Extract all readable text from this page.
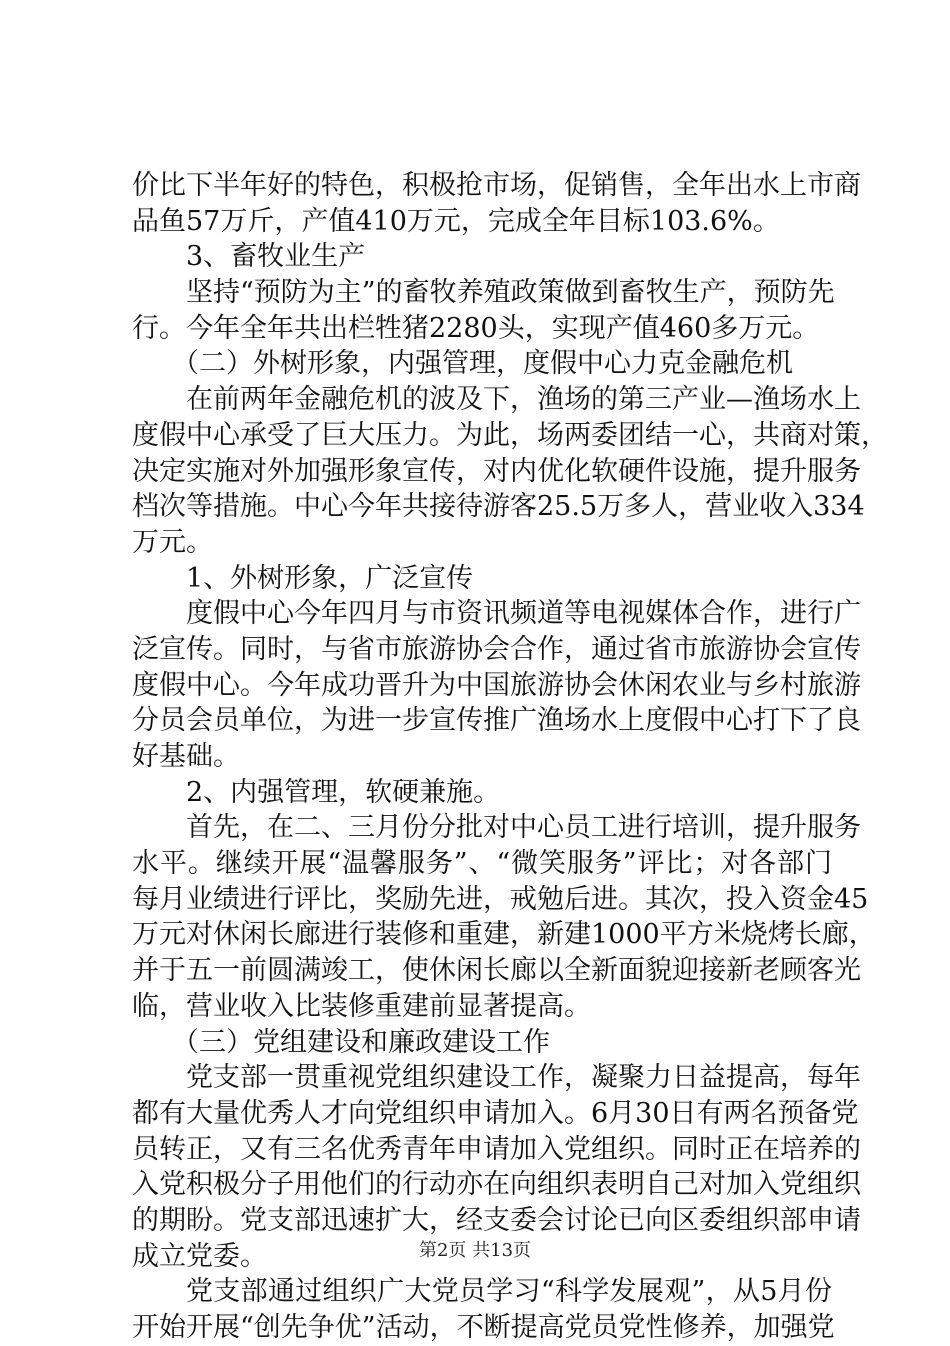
价比下半年好的特色，积极抢市场，促销售，全年出水上市商
品鱼57万斤，产值410万元，完成全年目标103.6%。
3、畜牧业生产
坚持“预防为主”的畜牧养殖政策做到畜牧生产，预防先
行。今年全年共出栏牲猪2280头，实现产值460多万元。
（二）外树形象，内强管理，度假中心力克金融危机
在前两年金融危机的波及下，渔场的第三产业—渔场水上
度假中心承受了巨大压力。为此，场两委团结一心，共商对策，
决定实施对外加强形象宣传，对内优化软硬件设施，提升服务
档次等措施。中心今年共接待游客25.5万多人，营业收入334
万元。
1、外树形象，广泛宣传
度假中心今年四月与市资讯频道等电视媒体合作，进行广
泛宣传。同时，与省市旅游协会合作，通过省市旅游协会宣传
度假中心。今年成功晋升为中国旅游协会休闲农业与乡村旅游
分员会员单位，为进一步宣传推广渔场水上度假中心打下了良
好基础。
2、内强管理，软硬兼施。
首先，在二、三月份分批对中心员工进行培训，提升服务
水平。继续开展“温馨服务”、“微笑服务”评比；对各部门
每月业绩进行评比，奖励先进，戒勉后进。其次，投入资金45
万元对休闲长廊进行装修和重建，新建1000平方米烧烤长廊，
并于五一前圆满竣工，使休闲长廊以全新面貌迎接新老顾客光
临，营业收入比装修重建前显著提高。
（三）党组建设和廉政建设工作
党支部一贯重视党组织建设工作，凝聚力日益提高，每年
都有大量优秀人才向党组织申请加入。6月30日有两名预备党
员转正，又有三名优秀青年申请加入党组织。同时正在培养的
入党积极分子用他们的行动亦在向组织表明自己对加入党组织
的期盼。党支部迅速扩大，经支委会讨论已向区委组织部申请
成立党委。
党支部通过组织广大党员学习“科学发展观”，从5月份
开始开展“创先争优”活动，不断提高党员党性修养，加强党
第2页 共13页
